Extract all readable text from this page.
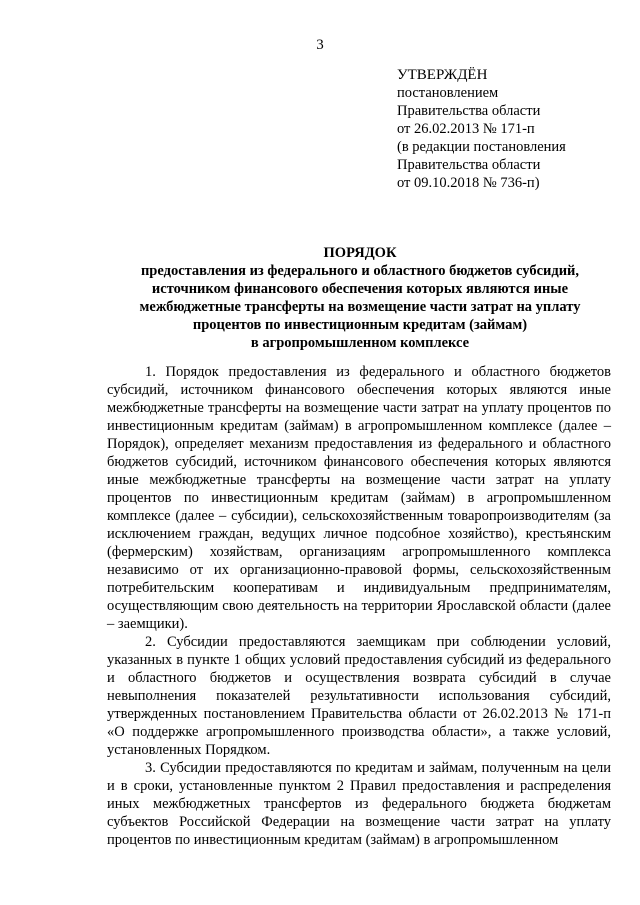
3
УТВЕРЖДЁН
постановлением
Правительства области
от 26.02.2013 № 171-п
(в редакции постановления
Правительства области
от 09.10.2018 № 736-п)
ПОРЯДОК
предоставления из федерального и областного бюджетов субсидий,
источником финансового обеспечения которых являются иные
межбюджетные трансферты на возмещение части затрат на уплату
процентов по инвестиционным кредитам (займам)
в агропромышленном комплексе

1. Порядок предоставления из федерального и областного бюджетов субсидий, источником финансового обеспечения которых являются иные межбюджетные трансферты на возмещение части затрат на уплату процентов по инвестиционным кредитам (займам) в агропромышленном комплексе (далее – Порядок), определяет механизм предоставления из федерального и областного бюджетов субсидий, источником финансового обеспечения которых являются иные межбюджетные трансферты на возмещение части затрат на уплату процентов по инвестиционным кредитам (займам) в агропромышленном комплексе (далее – субсидии), сельскохозяйственным товаропроизводителям (за исключением граждан, ведущих личное подсобное хозяйство), крестьянским (фермерским) хозяйствам, организациям агропромышленного комплекса независимо от их организационно-правовой формы, сельскохозяйственным потребительским кооперативам и индивидуальным предпринимателям, осуществляющим свою деятельность на территории Ярославской области (далее – заемщики).

2. Субсидии предоставляются заемщикам при соблюдении условий, указанных в пункте 1 общих условий предоставления субсидий из федерального и областного бюджетов и осуществления возврата субсидий в случае невыполнения показателей результативности использования субсидий, утвержденных постановлением Правительства области от 26.02.2013 № 171-п «О поддержке агропромышленного производства области», а также условий, установленных Порядком.

3. Субсидии предоставляются по кредитам и займам, полученным на цели и в сроки, установленные пунктом 2 Правил предоставления и распределения иных межбюджетных трансфертов из федерального бюджета бюджетам субъектов Российской Федерации на возмещение части затрат на уплату процентов по инвестиционным кредитам (займам) в агропромышленном
